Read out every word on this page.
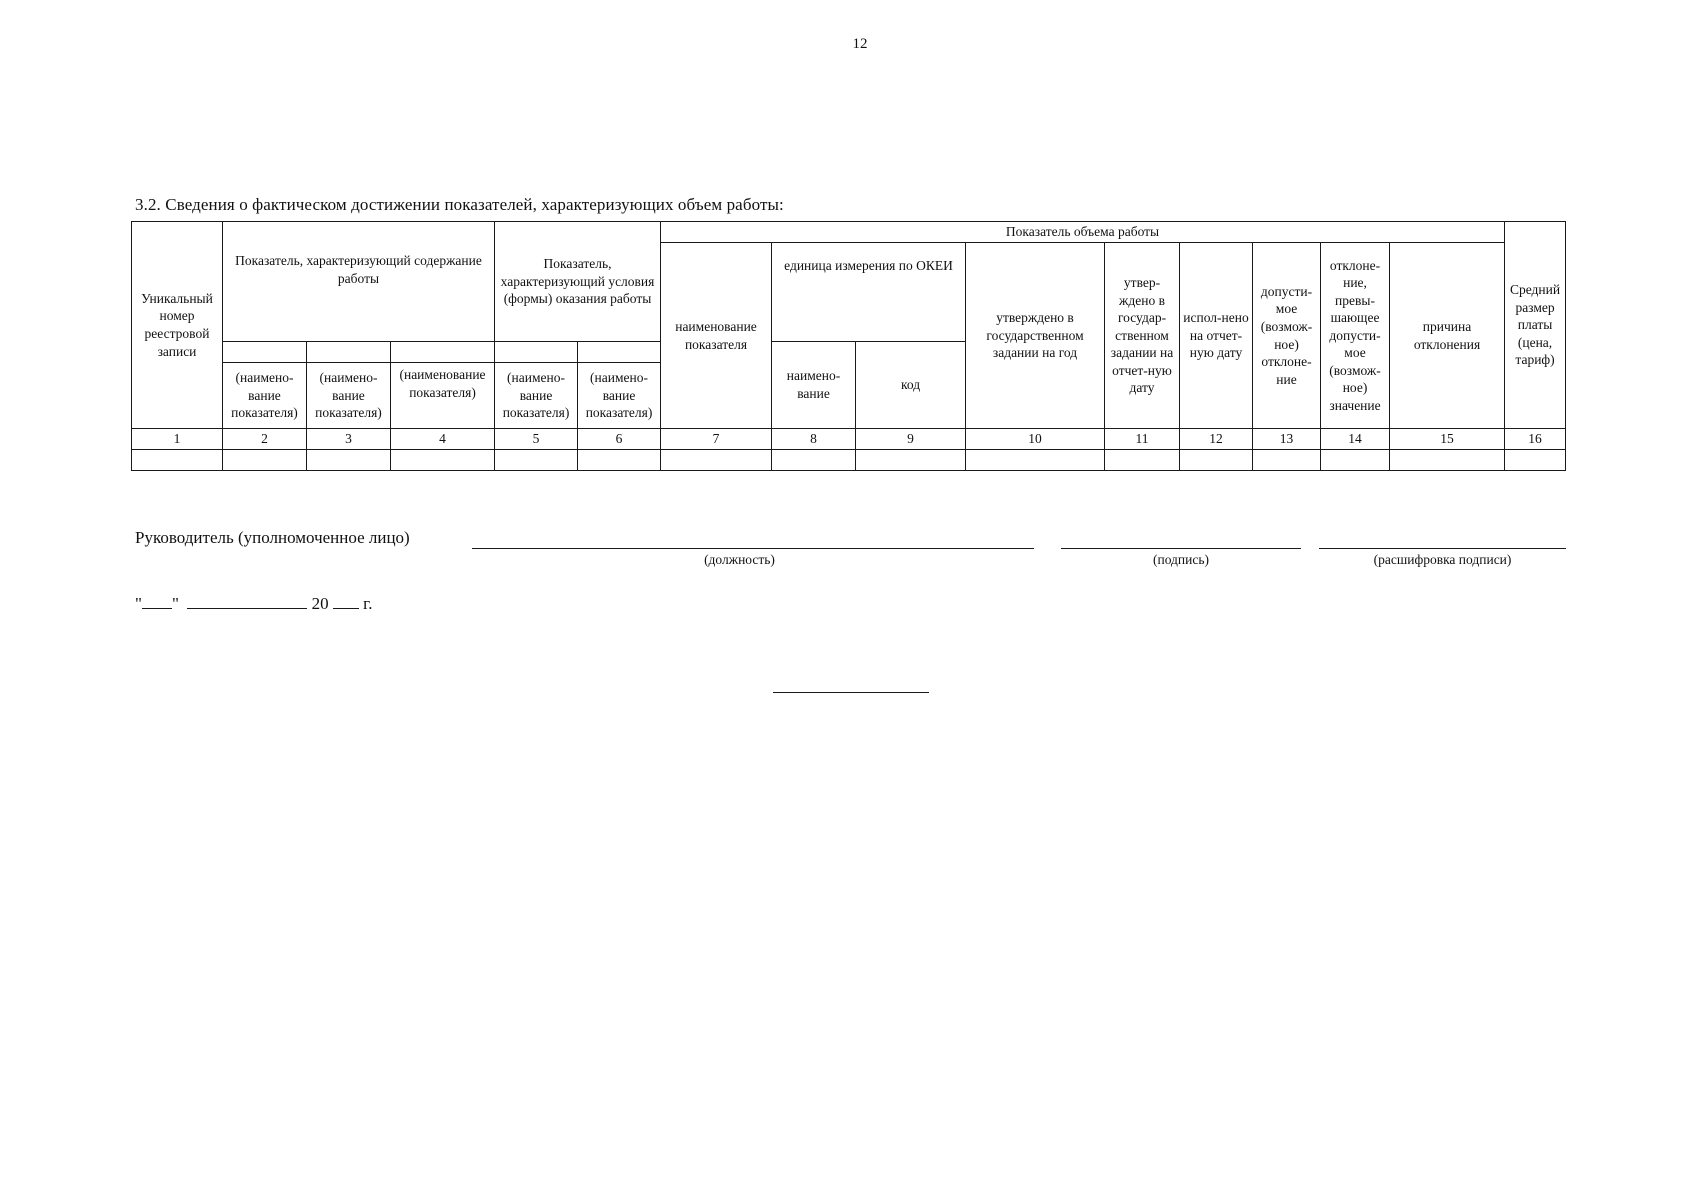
12
3.2. Сведения о фактическом достижении показателей, характеризующих объем работы:
Уникальный номер реестровой записи	Показатель, характеризующий содержание работы			Показатель, характеризующий условия (формы) оказания работы		Показатель объема работы									Средний размер платы (цена, тариф)
						наименование показателя	единица измерения по ОКЕИ		утверждено в государственном задании на год	утвер-ждено в государ-ственном задании на отчет-ную дату	испол-нено на отчет-ную дату	допусти-мое (возмож-ное) отклоне-ние	отклоне-ние, превы-шающее допусти-мое (возмож-ное) значение	причина отклонения	
							наимено-вание	код							
	(наимено-вание показателя)	(наимено-вание показателя)	(наименование показателя)	(наимено-вание показателя)	(наимено-вание показателя)										
1	2	3	4	5	6	7	8	9	10	11	12	13	14	15	16

Руководитель (уполномоченное лицо)
(должность)	(подпись)	(расшифровка подписи)
" "	20 г.
